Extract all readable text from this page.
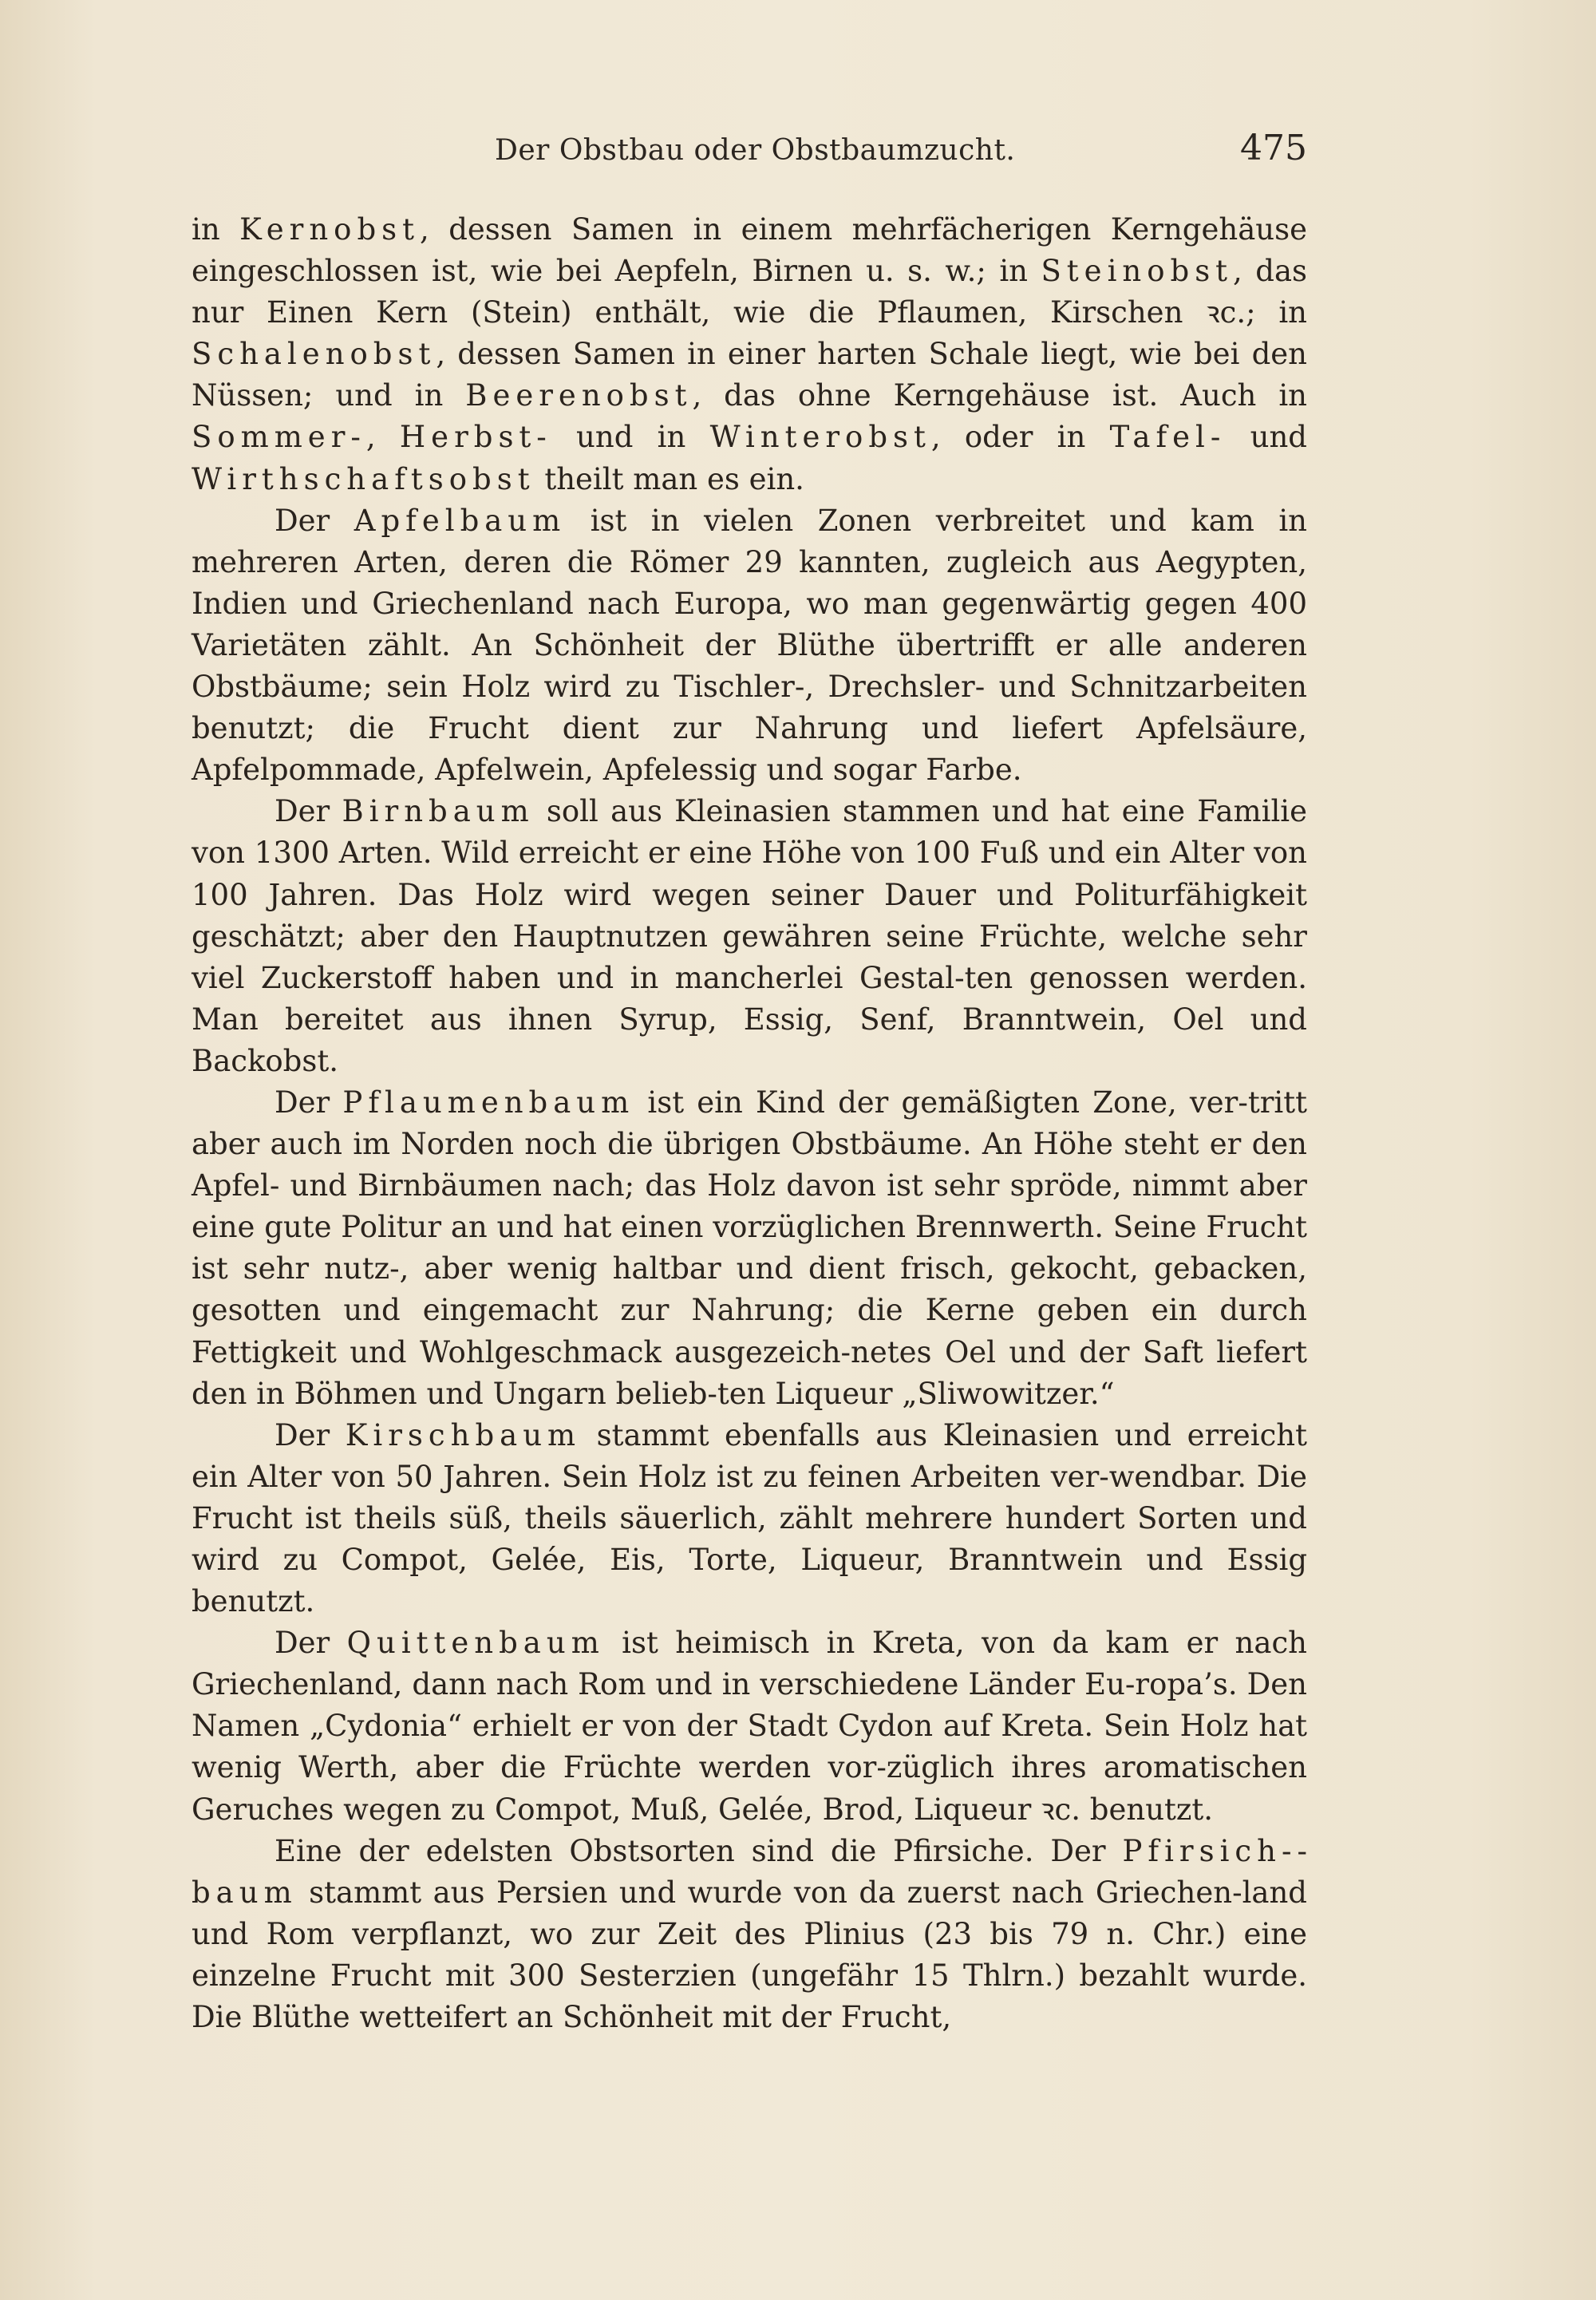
Der Obstbau oder Obstbaumzucht.	475

in Kernobst, dessen Samen in einem mehrfächerigen Kerngehäuse eingeschlossen ist, wie bei Aepfeln, Birnen u. s. w.; in Steinobst, das nur Einen Kern (Stein) enthält, wie die Pflaumen, Kirschen ꝛc.; in Schalenobst, dessen Samen in einer harten Schale liegt, wie bei den Nüssen; und in Beerenobst, das ohne Kerngehäuse ist. Auch in Sommer-, Herbst- und in Winterobst, oder in Tafel- und Wirthschaftsobst theilt man es ein.

Der Apfelbaum ist in vielen Zonen verbreitet und kam in mehreren Arten, deren die Römer 29 kannten, zugleich aus Aegypten, Indien und Griechenland nach Europa, wo man gegenwärtig gegen 400 Varietäten zählt. An Schönheit der Blüthe übertrifft er alle anderen Obstbäume; sein Holz wird zu Tischler-, Drechsler- und Schnitzarbeiten benutzt; die Frucht dient zur Nahrung und liefert Apfelsäure, Apfelpommade, Apfelwein, Apfelessig und sogar Farbe.

Der Birnbaum soll aus Kleinasien stammen und hat eine Familie von 1300 Arten. Wild erreicht er eine Höhe von 100 Fuß und ein Alter von 100 Jahren. Das Holz wird wegen seiner Dauer und Politurfähigkeit geschätzt; aber den Hauptnutzen gewähren seine Früchte, welche sehr viel Zuckerstoff haben und in mancherlei Gestal-ten genossen werden. Man bereitet aus ihnen Syrup, Essig, Senf, Branntwein, Oel und Backobst.

Der Pflaumenbaum ist ein Kind der gemäßigten Zone, ver-tritt aber auch im Norden noch die übrigen Obstbäume. An Höhe steht er den Apfel- und Birnbäumen nach; das Holz davon ist sehr spröde, nimmt aber eine gute Politur an und hat einen vorzüglichen Brennwerth. Seine Frucht ist sehr nutz-, aber wenig haltbar und dient frisch, gekocht, gebacken, gesotten und eingemacht zur Nahrung; die Kerne geben ein durch Fettigkeit und Wohlgeschmack ausgezeich-netes Oel und der Saft liefert den in Böhmen und Ungarn belieb-ten Liqueur „Sliwowitzer.“

Der Kirschbaum stammt ebenfalls aus Kleinasien und erreicht ein Alter von 50 Jahren. Sein Holz ist zu feinen Arbeiten ver-wendbar. Die Frucht ist theils süß, theils säuerlich, zählt mehrere hundert Sorten und wird zu Compot, Gelée, Eis, Torte, Liqueur, Branntwein und Essig benutzt.

Der Quittenbaum ist heimisch in Kreta, von da kam er nach Griechenland, dann nach Rom und in verschiedene Länder Eu-ropa’s. Den Namen „Cydonia“ erhielt er von der Stadt Cydon auf Kreta. Sein Holz hat wenig Werth, aber die Früchte werden vor-züglich ihres aromatischen Geruches wegen zu Compot, Muß, Gelée, Brod, Liqueur ꝛc. benutzt.

Eine der edelsten Obstsorten sind die Pfirsiche. Der Pfirsich-baum stammt aus Persien und wurde von da zuerst nach Griechen-land und Rom verpflanzt, wo zur Zeit des Plinius (23 bis 79 n. Chr.) eine einzelne Frucht mit 300 Sesterzien (ungefähr 15 Thlrn.) bezahlt wurde. Die Blüthe wetteifert an Schönheit mit der Frucht,
